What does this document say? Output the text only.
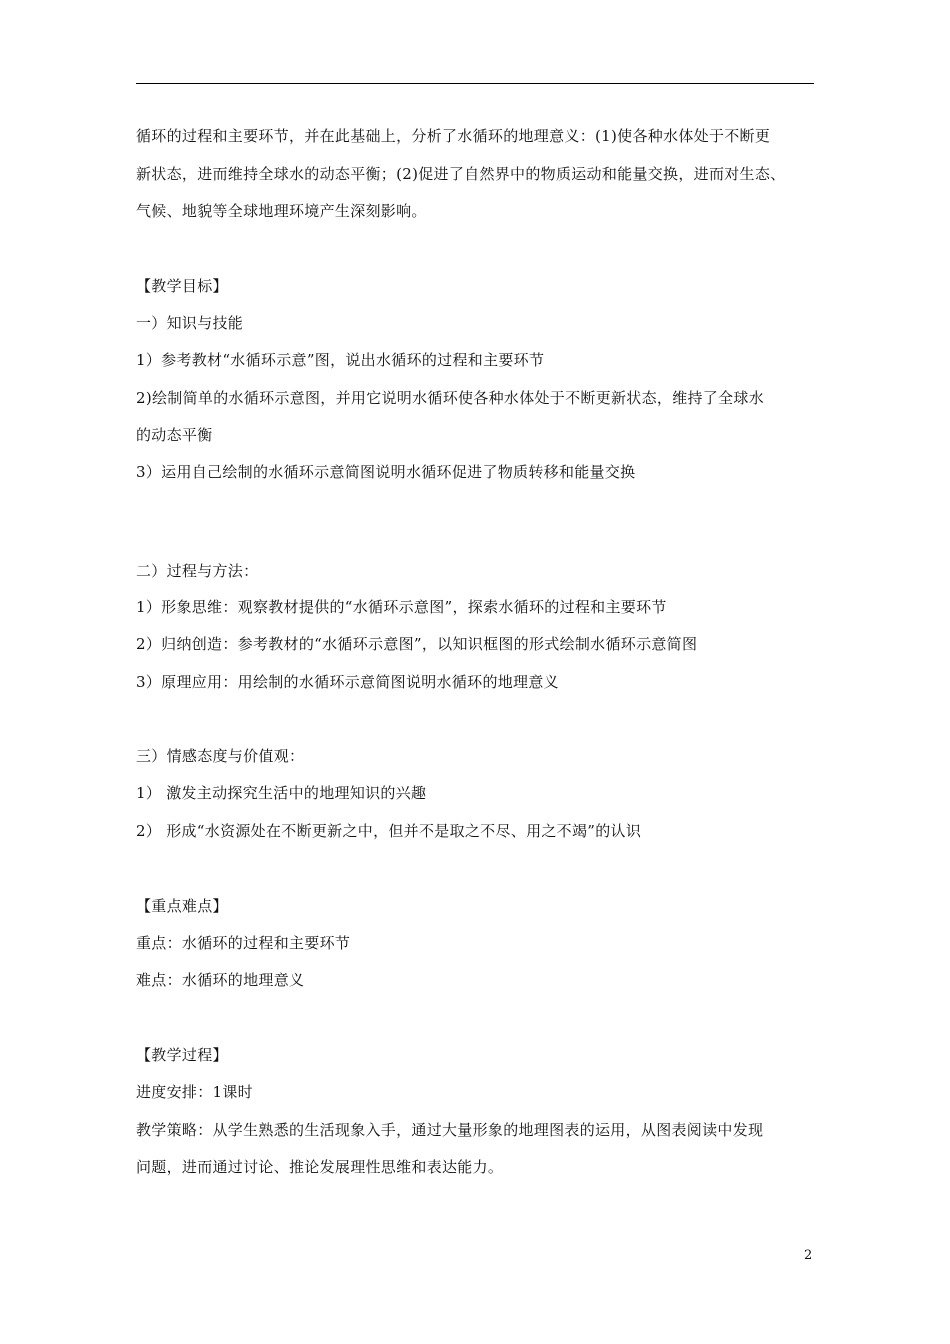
循环的过程和主要环节，并在此基础上，分析了水循环的地理意义：(1)使各种水体处于不断更
新状态，进而维持全球水的动态平衡；(2)促进了自然界中的物质运动和能量交换，进而对生态、
气候、地貌等全球地理环境产生深刻影响。
【教学目标】
一）知识与技能
1）参考教材“水循环示意”图，说出水循环的过程和主要环节
2)绘制简单的水循环示意图，并用它说明水循环使各种水体处于不断更新状态，维持了全球水
的动态平衡
3）运用自己绘制的水循环示意简图说明水循环促进了物质转移和能量交换
二）过程与方法：
1）形象思维：观察教材提供的“水循环示意图”，探索水循环的过程和主要环节
2）归纳创造：参考教材的“水循环示意图”，以知识框图的形式绘制水循环示意简图
3）原理应用：用绘制的水循环示意简图说明水循环的地理意义
三）情感态度与价值观：
1） 激发主动探究生活中的地理知识的兴趣
2） 形成“水资源处在不断更新之中，但并不是取之不尽、用之不竭”的认识
【重点难点】
重点：水循环的过程和主要环节
难点：水循环的地理意义
【教学过程】
进度安排：1课时
教学策略：从学生熟悉的生活现象入手，通过大量形象的地理图表的运用，从图表阅读中发现
问题，进而通过讨论、推论发展理性思维和表达能力。
2
